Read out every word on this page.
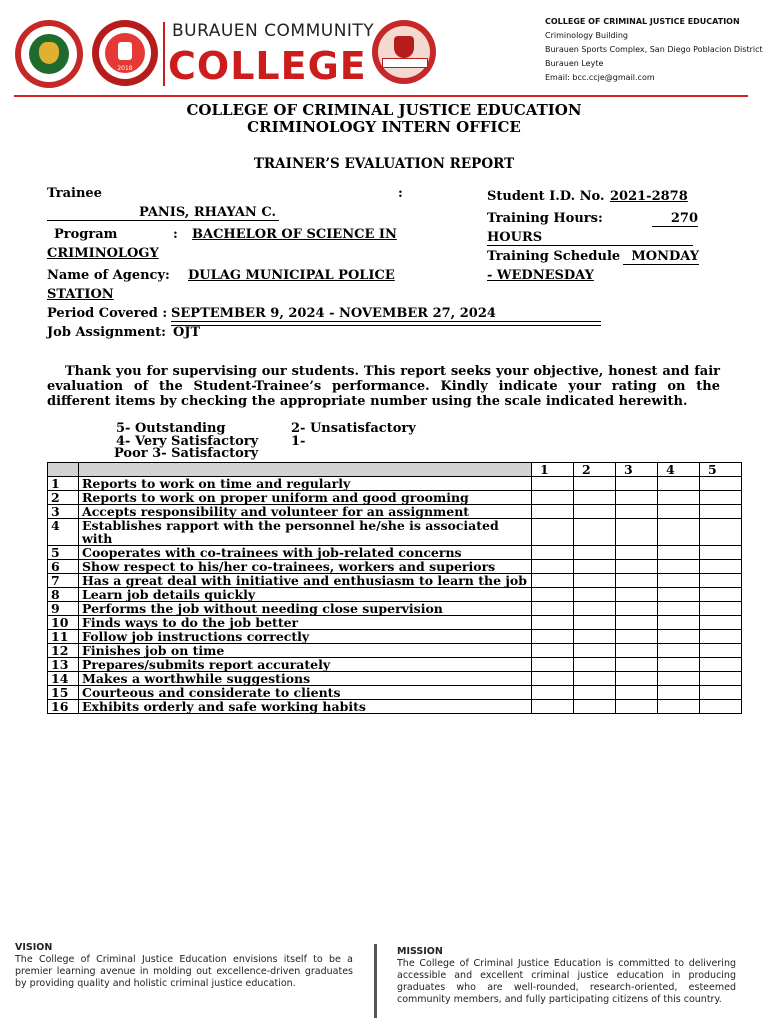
2018
BURAUEN COMMUNITY
COLLEGE
COLLEGE OF CRIMINAL JUSTICE EDUCATION
Criminology Building
Burauen Sports Complex, San Diego Poblacion District
Burauen Leyte
Email: bcc.ccje@gmail.com
COLLEGE OF CRIMINAL JUSTICE EDUCATION
CRIMINOLOGY INTERN OFFICE
TRAINER’S EVALUATION REPORT
Trainee	:
PANIS, RHAYAN C.
Program	: BACHELOR OF SCIENCE IN
CRIMINOLOGY
Name of Agency: DULAG MUNICIPAL POLICE
STATION
Student I.D. No. 2021-2878
Training Hours:	270
HOURS
Training Schedule MONDAY
- WEDNESDAY
Period Covered : SEPTEMBER 9, 2024 - NOVEMBER 27, 2024
Job Assignment: OJT
Thank you for supervising our students. This report seeks your objective, honest and fair evaluation of the Student-Trainee’s performance. Kindly indicate your rating on the different items by checking the appropriate number using the scale indicated herewith.
5- Outstanding	2- Unsatisfactory
4- Very Satisfactory	1-
Poor 3- Satisfactory
		1	2	3	4	5
1	Reports to work on time and regularly					
2	Reports to work on proper uniform and good grooming					
3	Accepts responsibility and volunteer for an assignment					
4	Establishes rapport with the personnel he/she is associated with					
5	Cooperates with co-trainees with job-related concerns					
6	Show respect to his/her co-trainees, workers and superiors					
7	Has a great deal with initiative and enthusiasm to learn the job					
8	Learn job details quickly					
9	Performs the job without needing close supervision					
10	Finds ways to do the job better					
11	Follow job instructions correctly					
12	Finishes job on time					
13	Prepares/submits report accurately					
14	Makes a worthwhile suggestions					
15	Courteous and considerate to clients					
16	Exhibits orderly and safe working habits					
VISION
The College of Criminal Justice Education envisions itself to be a premier learning avenue in molding out excellence-driven graduates by providing quality and holistic criminal justice education.
MISSION
The College of Criminal Justice Education is committed to delivering accessible and excellent criminal justice education in producing graduates who are well-rounded, research-oriented, esteemed community members, and fully participating citizens of this country.
